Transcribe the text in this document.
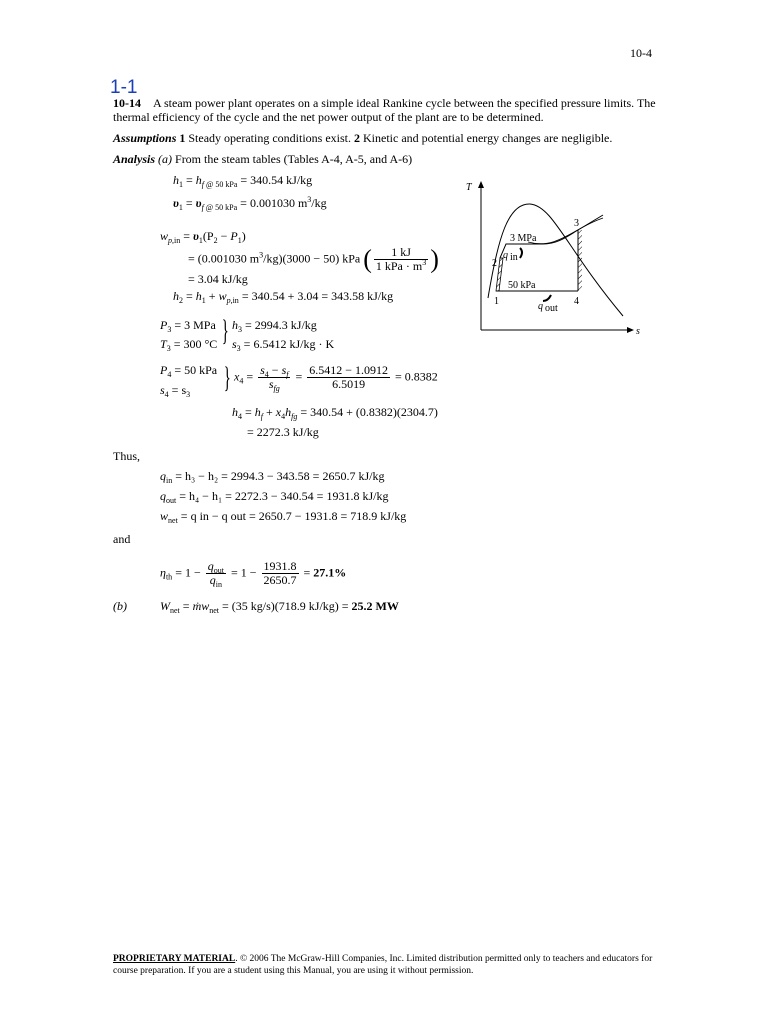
10-4
1-1
10-14 A steam power plant operates on a simple ideal Rankine cycle between the specified pressure limits. The thermal efficiency of the cycle and the net power output of the plant are to be determined.
Assumptions 1 Steady operating conditions exist. 2 Kinetic and potential energy changes are negligible.
Analysis (a) From the steam tables (Tables A-4, A-5, and A-6)
$h_1 = h_{f @ 50 kPa} = 340.54$ kJ/kg
$\upsilon_1 = \upsilon_{f @ 50 kPa} = 0.001030$ $m^3/kg$
$w_{p,in} = \upsilon_1(P_2 - P_1)$
= (0.001030 $m^3/kg)(3000 - 50)$ kPa ( $\frac{1 kJ}{1 kPa \cdot m^3}$ )
= 3.04 kJ/kg
$h_2 = h_1 + w_{p,in} = 340.54 + 3.04 = 343.58$ kJ/kg
$P_3 = 3$ MPa
$T_3 = 300$ °C } $h_3 = 2994.3$ kJ/kg
$s_3 = 6.5412$ kJ/kg · K
$P_4 = 50$ kPa
$s_4 = s_3$
} $x_4 = \frac{s_4 - s_f}{s_{fg}} = \frac{6.5412 - 1.0912}{6.5019} = 0.8382$
$h_4 = h_f + x_4h_{fg} = 340.54 + (0.8382)(2304.7)$
= 2272.3 kJ/kg
Thus,
$q_{in} = h_3 - h_2 = 2994.3 - 343.58 = 2650.7$ kJ/kg
$q_{out} = h_4 - h_1 = 2272.3 - 340.54 = 1931.8$ kJ/kg
$w_{net} = q$ in − q out = 2650.7 − 1931.8 = 718.9 kJ/kg
and
$\eta_{th} = 1 - \frac{q_{out}}{q_{in}} = 1 - \frac{1931.8}{2650.7} = 27.1\%$
(b)	$W_{net}$ = ṁw$_{net}$ = (35 kg/s)(718.9 kJ/kg) = 25.2 MW
T
s
3 MPa
50 kPa
q in
q out
1
2
3
4
PROPRIETARY MATERIAL. © 2006 The McGraw-Hill Companies, Inc. Limited distribution permitted only to teachers and educators for course preparation. If you are a student using this Manual, you are using it without permission.
